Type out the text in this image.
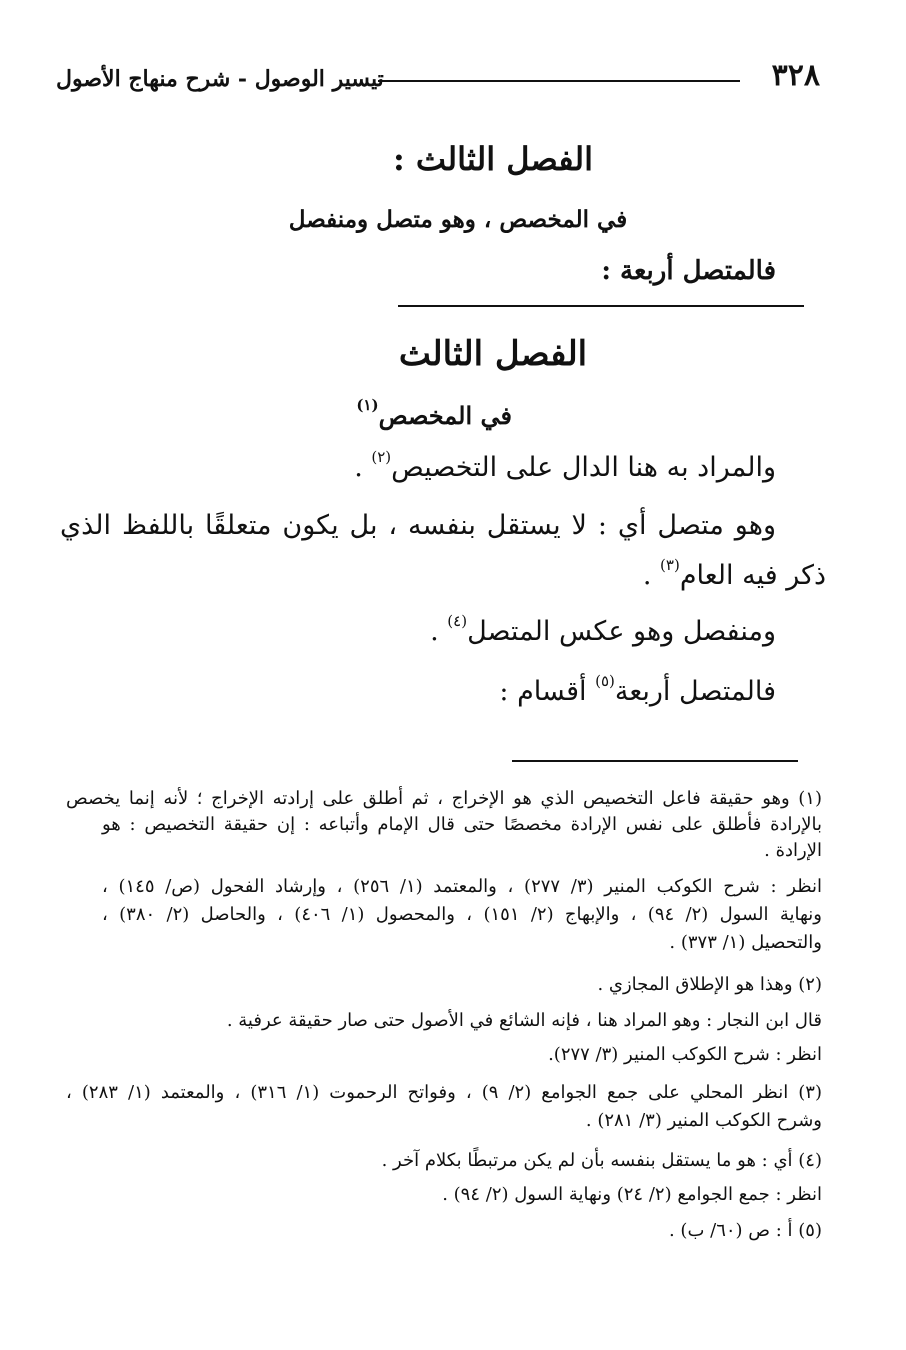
٣٢٨
تيسير الوصول - شرح منهاج الأصول
الفصل الثالث :
في المخصص ، وهو متصل ومنفصل
فالمتصل أربعة :
الفصل الثالث
في المخصص$^{(١)}$
والمراد به هنا الدال على التخصيص$^{(٢)}$ .
وهو متصل أي : لا يستقل بنفسه ، بل يكون متعلقًا باللفظ الذي
ذكر فيه العام$^{(٣)}$ .
ومنفصل وهو عكس المتصل$^{(٤)}$ .
فالمتصل أربعة$^{(٥)}$ أقسام :
(١) وهو حقيقة فاعل التخصيص الذي هو الإخراج ، ثم أطلق على إرادته الإخراج ؛ لأنه إنما يخصص
بالإرادة فأطلق على نفس الإرادة مخصصًا حتى قال الإمام وأتباعه : إن حقيقة التخصيص : هو
الإرادة .
انظر : شرح الكوكب المنير (٣/ ٢٧٧) ، والمعتمد (١/ ٢٥٦) ، وإرشاد الفحول (ص/ ١٤٥) ،
ونهاية السول (٢/ ٩٤) ، والإبهاج (٢/ ١٥١) ، والمحصول (١/ ٤٠٦) ، والحاصل (٢/ ٣٨٠) ،
والتحصيل (١/ ٣٧٣) .
(٢) وهذا هو الإطلاق المجازي .
قال ابن النجار : وهو المراد هنا ، فإنه الشائع في الأصول حتى صار حقيقة عرفية .
انظر : شرح الكوكب المنير (٣/ ٢٧٧).
(٣) انظر المحلي على جمع الجوامع (٢/ ٩) ، وفواتح الرحموت (١/ ٣١٦) ، والمعتمد (١/ ٢٨٣) ،
وشرح الكوكب المنير (٣/ ٢٨١) .
(٤) أي : هو ما يستقل بنفسه بأن لم يكن مرتبطًا بكلام آخر .
انظر : جمع الجوامع (٢/ ٢٤) ونهاية السول (٢/ ٩٤) .
(٥) أ : ص (٦٠/ ب) .
